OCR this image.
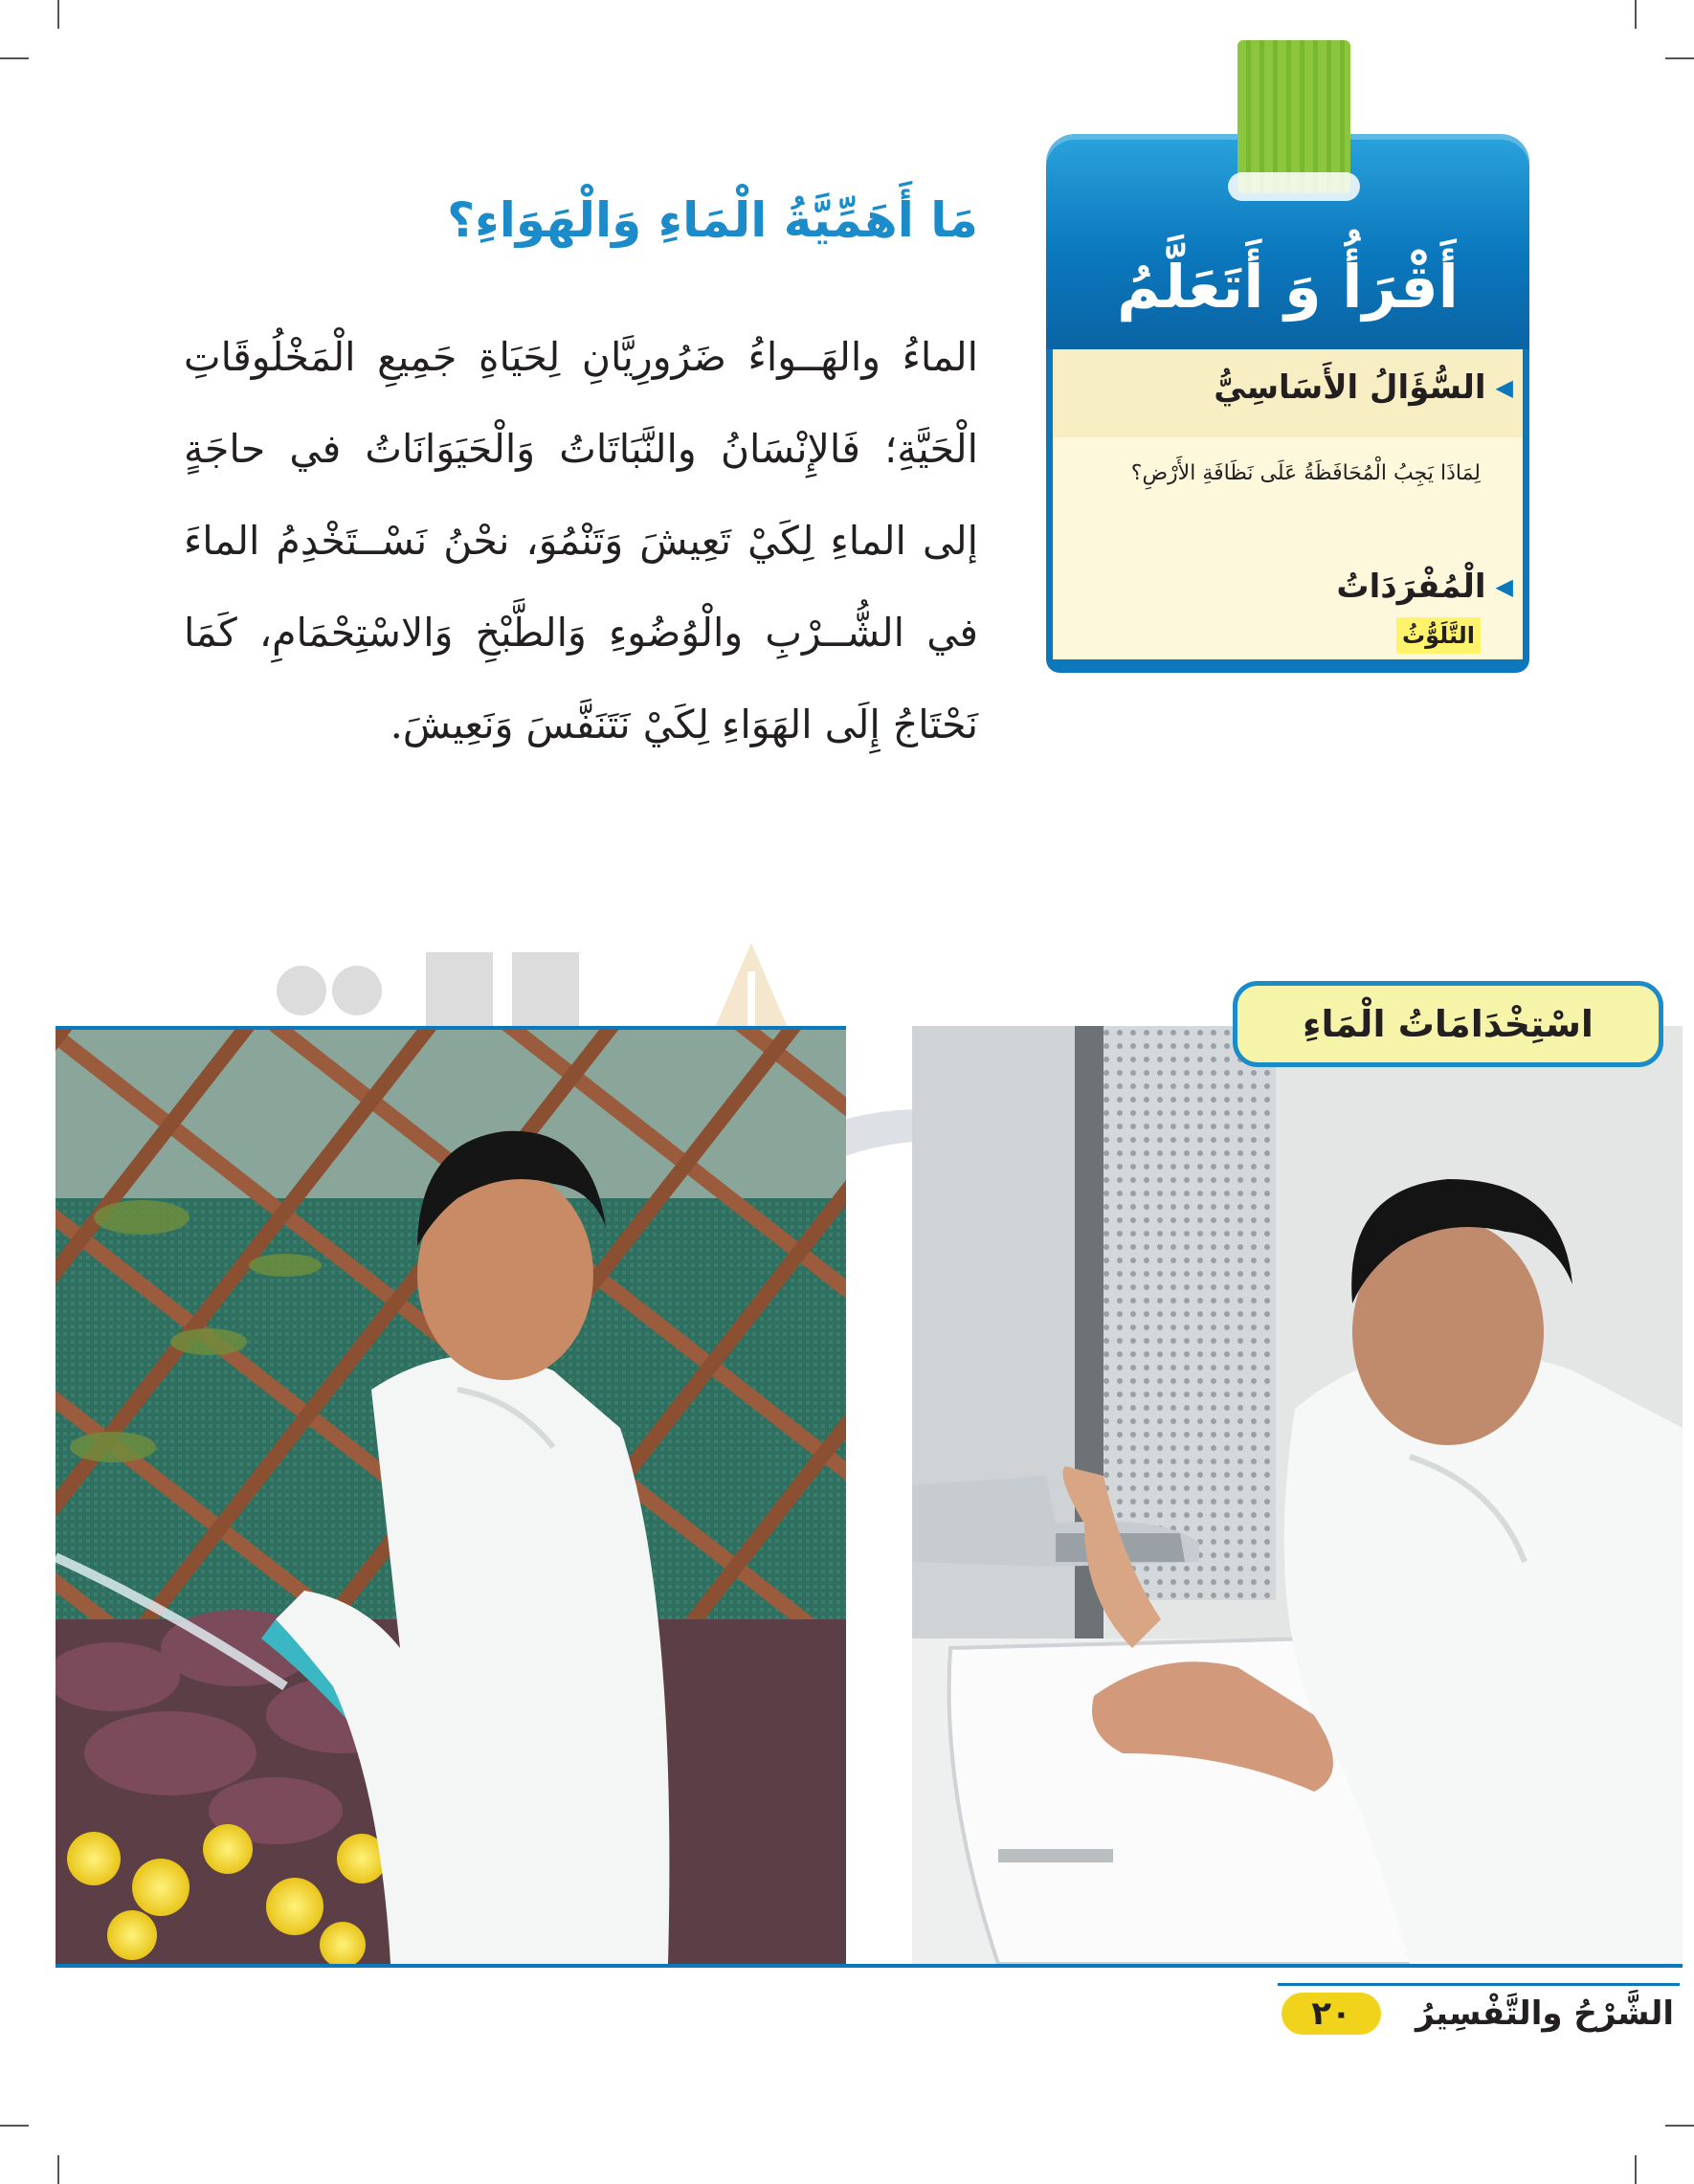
أَقْرَأُ وَ أَتَعَلَّمُ
◀
السُّؤَالُ الأَسَاسِيُّ
لِمَاذَا يَجِبُ الْمُحَافَظَةُ عَلَى نَظَافَةِ الأَرْضِ؟
◀
الْمُفْرَدَاتُ
التَّلَوُّثُ
مَا أَهَمِّيَّةُ الْمَاءِ وَالْهَوَاءِ؟

الماءُ والهَــواءُ ضَرُورِيَّانِ لِحَيَاةِ جَمِيعِ الْمَخْلُوقَاتِ الْحَيَّةِ؛ فَالإِنْسَانُ والنَّبَاتَاتُ وَالْحَيَوَانَاتُ في حاجَةٍ إلى الماءِ لِكَيْ تَعِيشَ وَتَنْمُوَ، نحْنُ نَسْــتَخْدِمُ الماءَ في الشُّــرْبِ والْوُضُوءِ وَالطَّبْخِ وَالاسْتِحْمَامِ، كَمَا نَحْتَاجُ إِلَى الهَوَاءِ لِكَيْ نَتَنَفَّسَ وَنَعِيشَ.

اسْتِخْدَامَاتُ الْمَاءِ
الشَّرْحُ والتَّفْسِيرُ
٢٠
